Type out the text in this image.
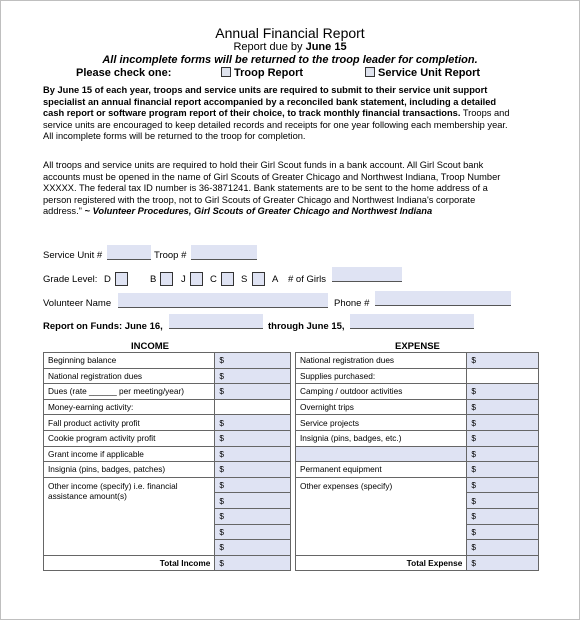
Annual Financial Report
Report due by June 15
All incomplete forms will be returned to the troop leader for completion.
Please check one:	Troop Report	Service Unit Report
By June 15 of each year, troops and service units are required to submit to their service unit support specialist an annual financial report accompanied by a reconciled bank statement, including a detailed cash report or software program report of their choice, to track monthly financial transactions. Troops and service units are encouraged to keep detailed records and receipts for one year following each membership year. All incomplete forms will be returned to the troop for completion.
All troops and service units are required to hold their Girl Scout funds in a bank account. All Girl Scout bank accounts must be opened in the name of Girl Scouts of Greater Chicago and Northwest Indiana, Troop Number XXXXX. The federal tax ID number is 36-3871241. Bank statements are to be sent to the home address of a person registered with the troop, not to Girl Scouts of Greater Chicago and Northwest Indiana's corporate address." ~ Volunteer Procedures, Girl Scouts of Greater Chicago and Northwest Indiana
Service Unit #	Troop #
Grade Level: D	B	J	C	S	A # of Girls
Volunteer Name	Phone #
Report on Funds: June 16,	through June 15,
INCOME	EXPENSE
Beginning balance	$
National registration dues	$
Dues (rate ______ per meeting/year)	$
Money-earning activity:	
Fall product activity profit	$
Cookie program activity profit	$
Grant income if applicable	$
Insignia (pins, badges, patches)	$
Other income (specify) i.e. financial assistance amount(s)	$
	$
	$
	$
	$
Total Income	$
National registration dues	$
Supplies purchased:	
Camping / outdoor activities	$
Overnight trips	$
Service projects	$
Insignia (pins, badges, etc.)	$
	$
Permanent equipment	$
Other expenses (specify)	$
	$
	$
	$
	$
Total Expense	$
